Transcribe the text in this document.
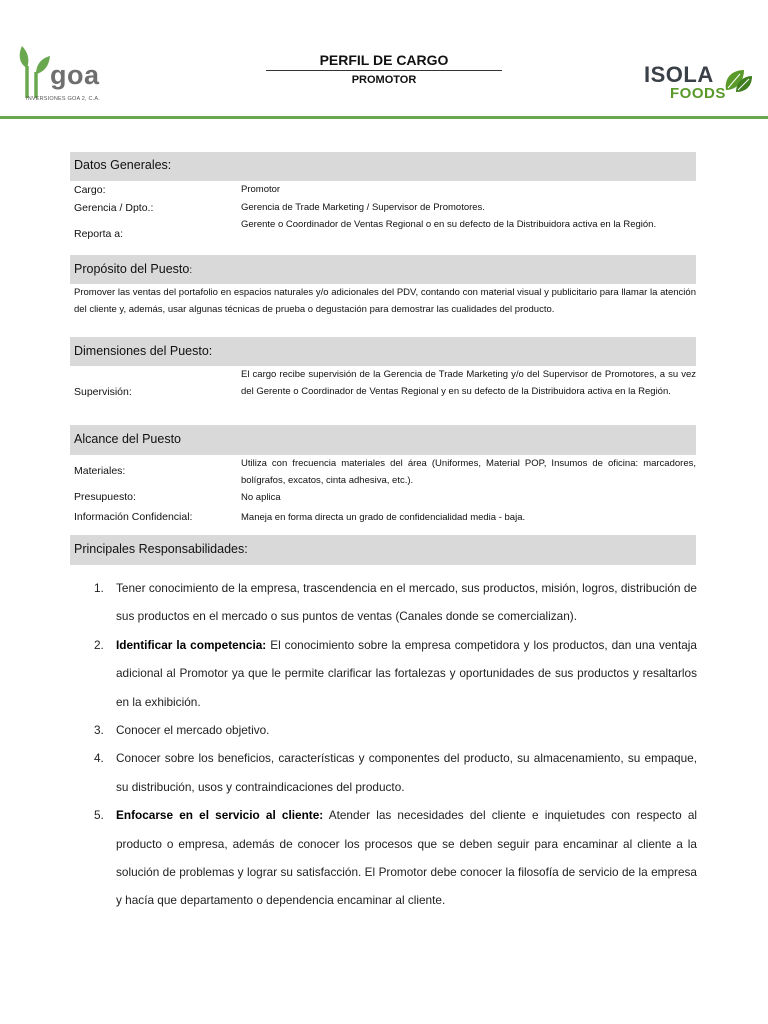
goa
INVERSIONES GOA 2, C.A.
PERFIL DE CARGO
PROMOTOR	ISOLA
FOODS
Datos Generales:
Cargo:	Promotor
Gerencia / Dpto.:	Gerencia de Trade Marketing / Supervisor de Promotores.
Reporta a:
Gerente o Coordinador de Ventas Regional o en su defecto de la Distribuidora activa en la Región.
Propósito del Puesto:
Promover las ventas del portafolio en espacios naturales y/o adicionales del PDV, contando con material visual y publicitario para llamar la atención del cliente y, además, usar algunas técnicas de prueba o degustación para demostrar las cualidades del producto.
Dimensiones del Puesto:
Supervisión:
El cargo recibe supervisión de la Gerencia de Trade Marketing y/o del Supervisor de Promotores, a su vez del Gerente o Coordinador de Ventas Regional y en su defecto de la Distribuidora activa en la Región.
Alcance del Puesto
Materiales:
Utiliza con frecuencia materiales del área (Uniformes, Material POP, Insumos de oficina: marcadores, bolígrafos, excatos, cinta adhesiva, etc.).
Presupuesto:	No aplica
Información Confidencial:	Maneja en forma directa un grado de confidencialidad media - baja.
Principales Responsabilidades:
1. Tener conocimiento de la empresa, trascendencia en el mercado, sus productos, misión, logros, distribución de sus productos en el mercado o sus puntos de ventas (Canales donde se comercializan).
2. Identificar la competencia: El conocimiento sobre la empresa competidora y los productos, dan una ventaja adicional al Promotor ya que le permite clarificar las fortalezas y oportunidades de sus productos y resaltarlos en la exhibición.
3. Conocer el mercado objetivo.
4. Conocer sobre los beneficios, características y componentes del producto, su almacenamiento, su empaque, su distribución, usos y contraindicaciones del producto.
5. Enfocarse en el servicio al cliente: Atender las necesidades del cliente e inquietudes con respecto al producto o empresa, además de conocer los procesos que se deben seguir para encaminar al cliente a la solución de problemas y lograr su satisfacción. El Promotor debe conocer la filosofía de servicio de la empresa y hacía que departamento o dependencia encaminar al cliente.
